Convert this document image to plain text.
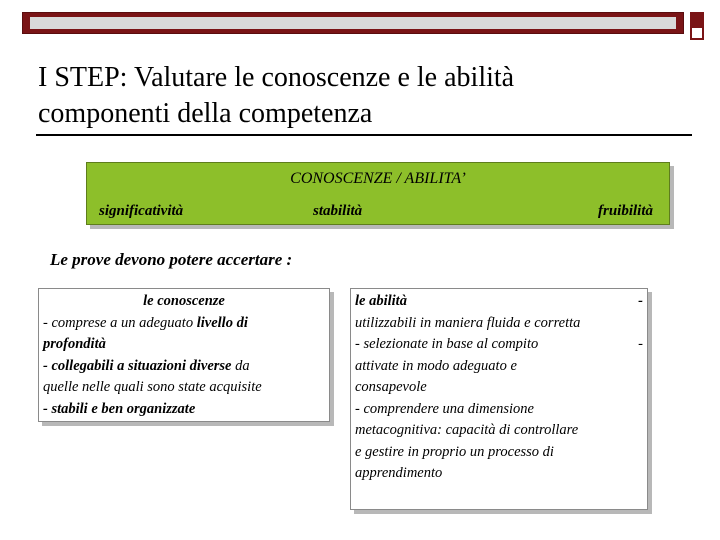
I STEP: Valutare le conoscenze e le abilità
componenti della competenza
CONOSCENZE / ABILITA’
significatività	stabilità	fruibilità
Le prove devono potere accertare :
le conoscenze
- comprese a un adeguato livello di
profondità
- collegabili a situazioni diverse da
quelle nelle quali sono state acquisite
- stabili e ben organizzate
le abilità	-
utilizzabili in maniera fluida e corretta
- selezionate in base al compito	-
attivate in modo adeguato e
consapevole
- comprendere una dimensione
metacognitiva: capacità di controllare
e gestire in proprio un processo di
apprendimento
